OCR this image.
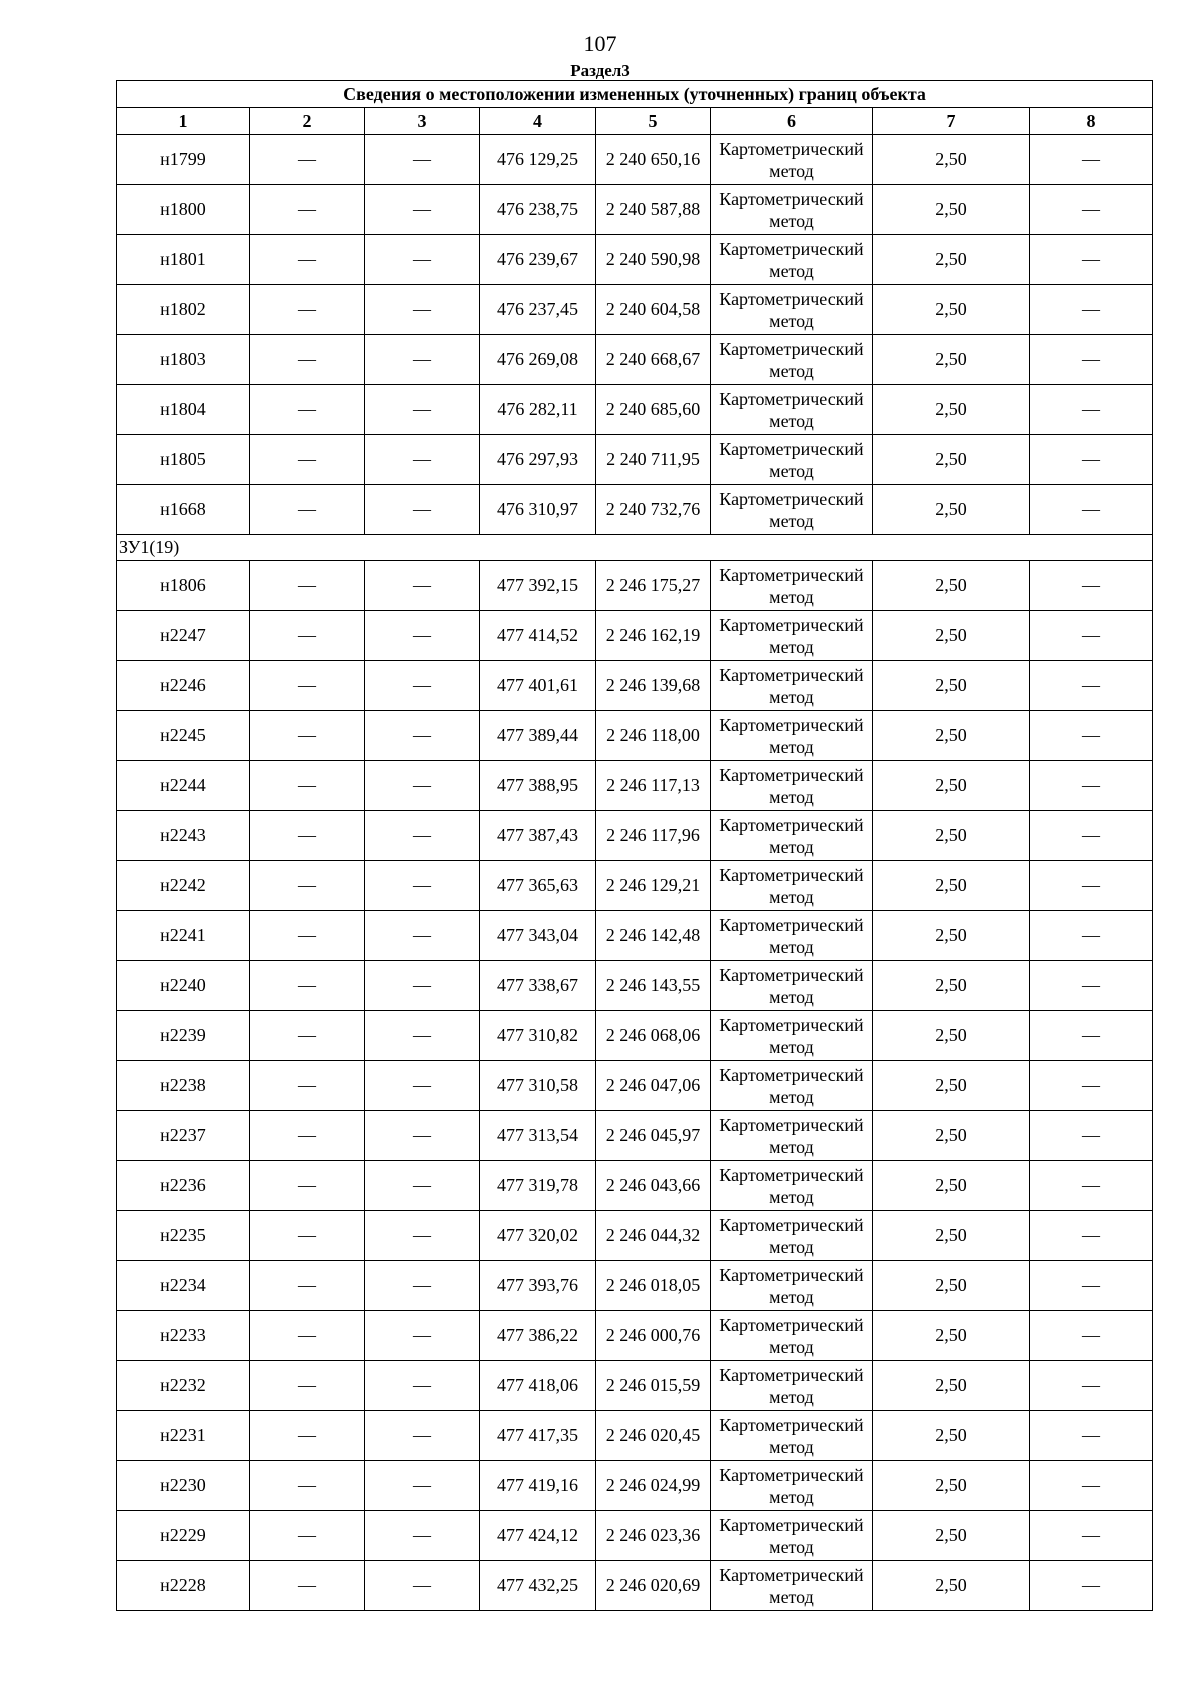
107
Раздел3
Сведения о местоположении измененных (уточненных) границ объекта							
1	2	3	4	5	6	7	8
н1799	—	—	476 129,25	2 240 650,16	Картометрический метод	2,50	—
н1800	—	—	476 238,75	2 240 587,88	Картометрический метод	2,50	—
н1801	—	—	476 239,67	2 240 590,98	Картометрический метод	2,50	—
н1802	—	—	476 237,45	2 240 604,58	Картометрический метод	2,50	—
н1803	—	—	476 269,08	2 240 668,67	Картометрический метод	2,50	—
н1804	—	—	476 282,11	2 240 685,60	Картометрический метод	2,50	—
н1805	—	—	476 297,93	2 240 711,95	Картометрический метод	2,50	—
н1668	—	—	476 310,97	2 240 732,76	Картометрический метод	2,50	—
ЗУ1(19)							
н1806	—	—	477 392,15	2 246 175,27	Картометрический метод	2,50	—
н2247	—	—	477 414,52	2 246 162,19	Картометрический метод	2,50	—
н2246	—	—	477 401,61	2 246 139,68	Картометрический метод	2,50	—
н2245	—	—	477 389,44	2 246 118,00	Картометрический метод	2,50	—
н2244	—	—	477 388,95	2 246 117,13	Картометрический метод	2,50	—
н2243	—	—	477 387,43	2 246 117,96	Картометрический метод	2,50	—
н2242	—	—	477 365,63	2 246 129,21	Картометрический метод	2,50	—
н2241	—	—	477 343,04	2 246 142,48	Картометрический метод	2,50	—
н2240	—	—	477 338,67	2 246 143,55	Картометрический метод	2,50	—
н2239	—	—	477 310,82	2 246 068,06	Картометрический метод	2,50	—
н2238	—	—	477 310,58	2 246 047,06	Картометрический метод	2,50	—
н2237	—	—	477 313,54	2 246 045,97	Картометрический метод	2,50	—
н2236	—	—	477 319,78	2 246 043,66	Картометрический метод	2,50	—
н2235	—	—	477 320,02	2 246 044,32	Картометрический метод	2,50	—
н2234	—	—	477 393,76	2 246 018,05	Картометрический метод	2,50	—
н2233	—	—	477 386,22	2 246 000,76	Картометрический метод	2,50	—
н2232	—	—	477 418,06	2 246 015,59	Картометрический метод	2,50	—
н2231	—	—	477 417,35	2 246 020,45	Картометрический метод	2,50	—
н2230	—	—	477 419,16	2 246 024,99	Картометрический метод	2,50	—
н2229	—	—	477 424,12	2 246 023,36	Картометрический метод	2,50	—
н2228	—	—	477 432,25	2 246 020,69	Картометрический метод	2,50	—
